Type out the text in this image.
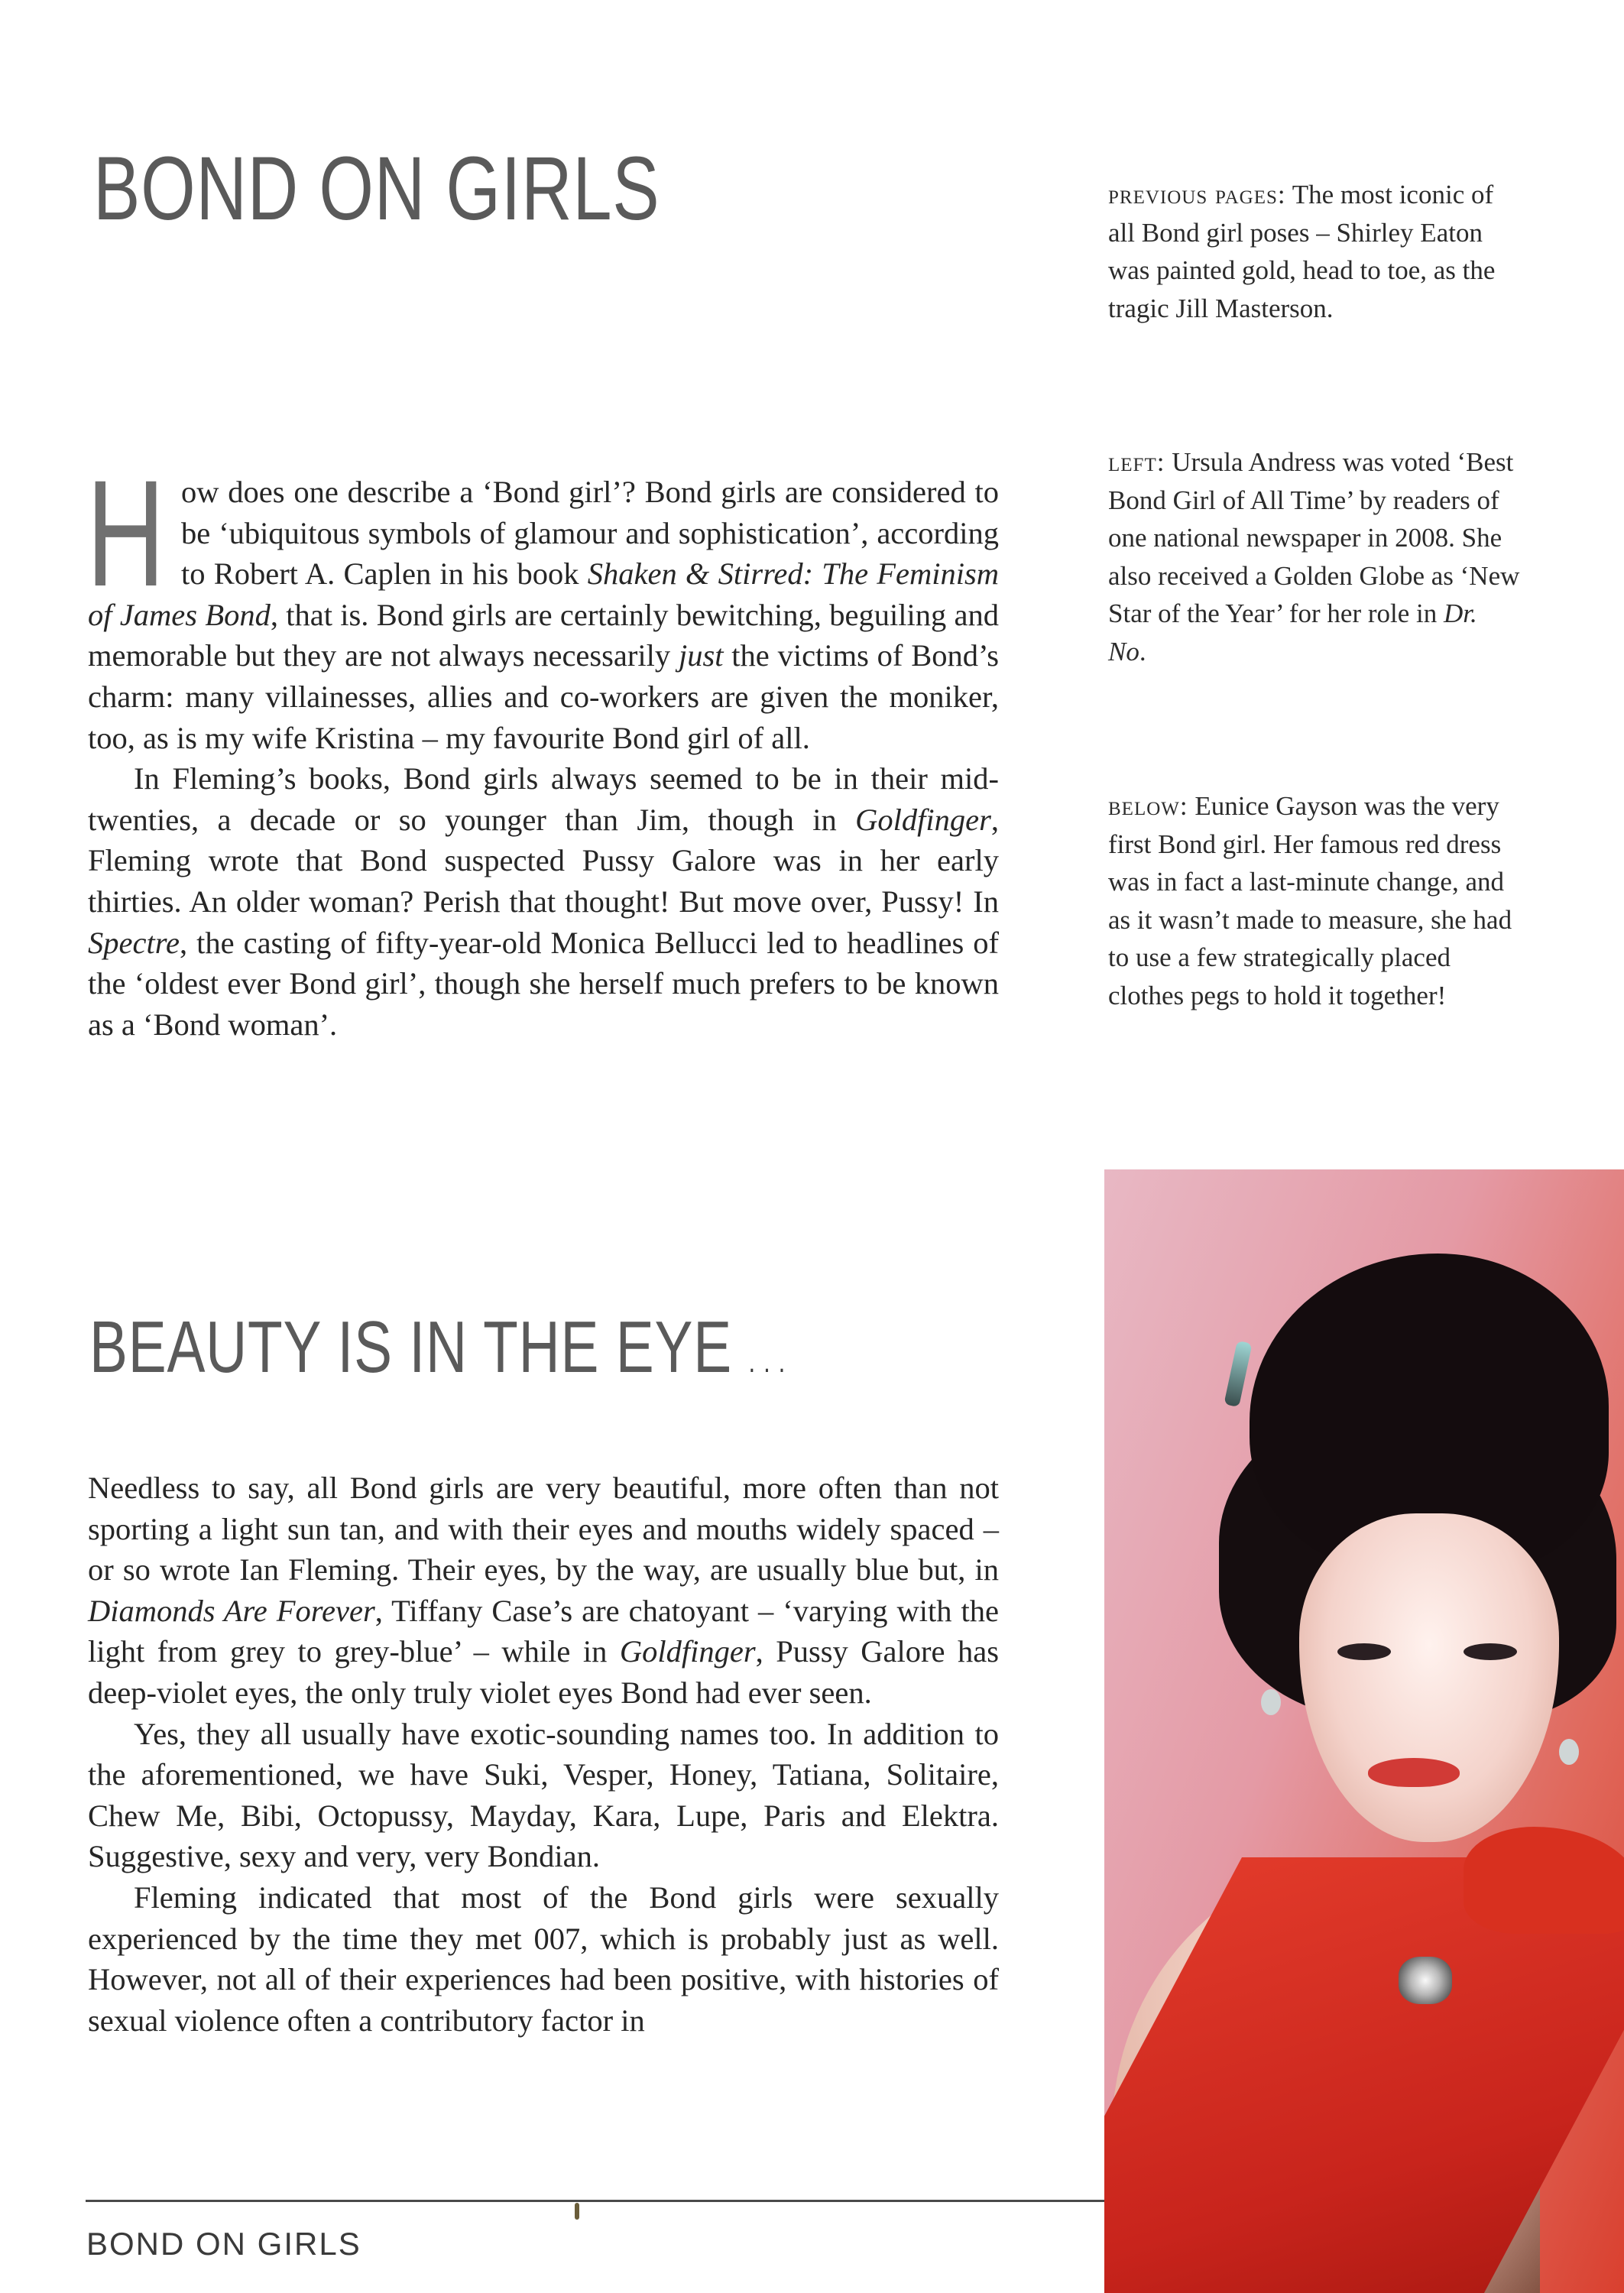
BOND ON GIRLS	previous pages: The most iconic of all Bond girl poses – Shirley Eaton was painted gold, head to toe, as the tragic Jill Masterson.
left: Ursula Andress was voted ‘Best Bond Girl of All Time’ by readers of one national newspaper in 2008. She also received a Golden Globe as ‘New Star of the Year’ for her role in Dr. No.
below: Eunice Gayson was the very first Bond girl. Her famous red dress was in fact a last-minute change, and as it wasn’t made to measure, she had to use a few strategically placed clothes pegs to hold it together!
H ow does one describe a ‘Bond girl’? Bond girls are considered to be ‘ubiquitous symbols of glamour and sophistication’, according to Robert A. Caplen in his book Shaken & Stirred: The Feminism of James Bond, that is. Bond girls are certainly bewitching, beguiling and memorable but they are not always necessarily just the victims of Bond’s charm: many villainesses, allies and co-workers are given the moniker, too, as is my wife Kristina – my favourite Bond girl of all.

In Fleming’s books, Bond girls always seemed to be in their mid-twenties, a decade or so younger than Jim, though in Goldfinger, Fleming wrote that Bond suspected Pussy Galore was in her early thirties. An older woman? Perish that thought! But move over, Pussy! In Spectre, the casting of fifty-year-old Monica Bellucci led to headlines of the ‘oldest ever Bond girl’, though she herself much prefers to be known as a ‘Bond woman’.

BEAUTY IS IN THE EYE ...

Needless to say, all Bond girls are very beautiful, more often than not sporting a light sun tan, and with their eyes and mouths widely spaced – or so wrote Ian Fleming. Their eyes, by the way, are usually blue but, in Diamonds Are Forever, Tiffany Case’s are chatoyant – ‘varying with the light from grey to grey-blue’ – while in Goldfinger, Pussy Galore has deep-violet eyes, the only truly violet eyes Bond had ever seen.

Yes, they all usually have exotic-sounding names too. In addition to the aforementioned, we have Suki, Vesper, Honey, Tatiana, Solitaire, Chew Me, Bibi, Octopussy, Mayday, Kara, Lupe, Paris and Elektra. Suggestive, sexy and very, very Bondian.

Fleming indicated that most of the Bond girls were sexually experienced by the time they met 007, which is probably just as well. However, not all of their experiences had been positive, with histories of sexual violence often a contributory factor in

BOND ON GIRLS
